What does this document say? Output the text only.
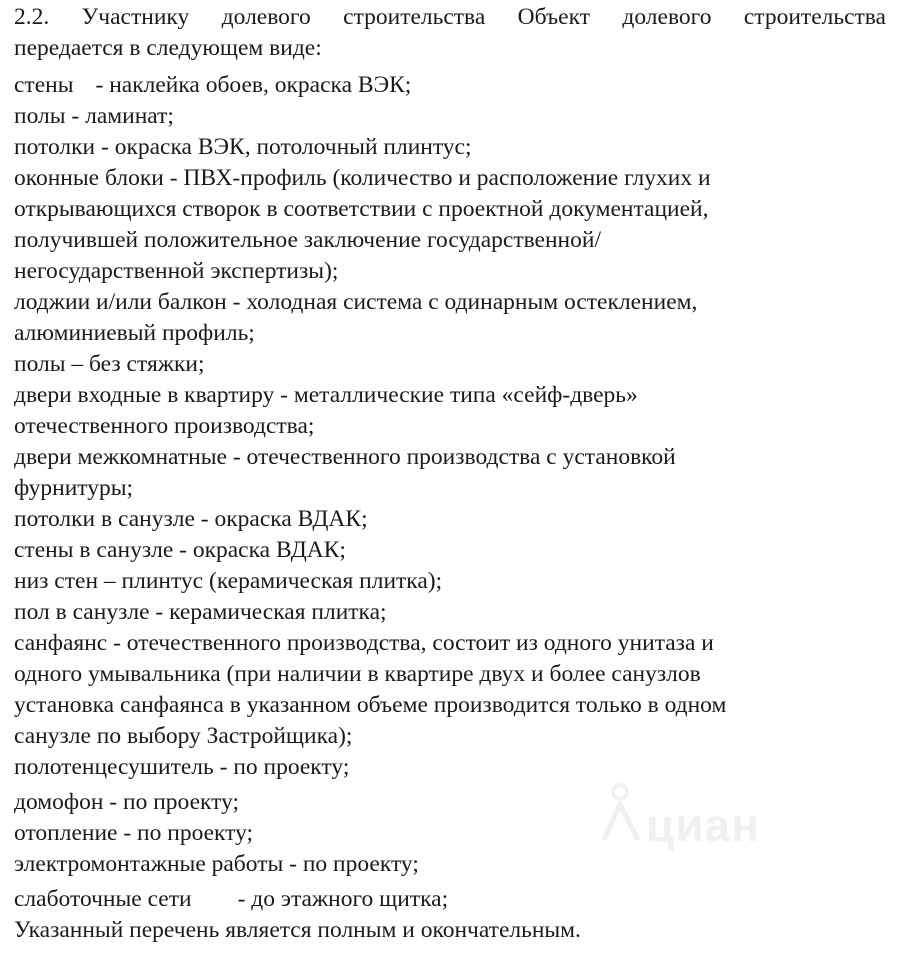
2.2. Участнику долевого строительства Объект долевого строительства
передается в следующем виде:
стены - наклейка обоев, окраска ВЭК;
полы - ламинат;
потолки - окраска ВЭК, потолочный плинтус;
оконные блоки - ПВХ-профиль (количество и расположение глухих и
открывающихся створок в соответствии с проектной документацией,
получившей положительное заключение государственной/
негосударственной экспертизы);
лоджии и/или балкон - холодная система с одинарным остеклением,
алюминиевый профиль;
полы – без стяжки;
двери входные в квартиру - металлические типа «сейф-дверь»
отечественного производства;
двери межкомнатные - отечественного производства с установкой
фурнитуры;
потолки в санузле - окраска ВДАК;
стены в санузле - окраска ВДАК;
низ стен – плинтус (керамическая плитка);
пол в санузле - керамическая плитка;
санфаянс - отечественного производства, состоит из одного унитаза и
одного умывальника (при наличии в квартире двух и более санузлов
установка санфаянса в указанном объеме производится только в одном
санузле по выбору Застройщика);
полотенцесушитель - по проекту;
домофон - по проекту;
отопление - по проекту;
электромонтажные работы - по проекту;
слаботочные сети - до этажного щитка;
Указанный перечень является полным и окончательным.
циан
